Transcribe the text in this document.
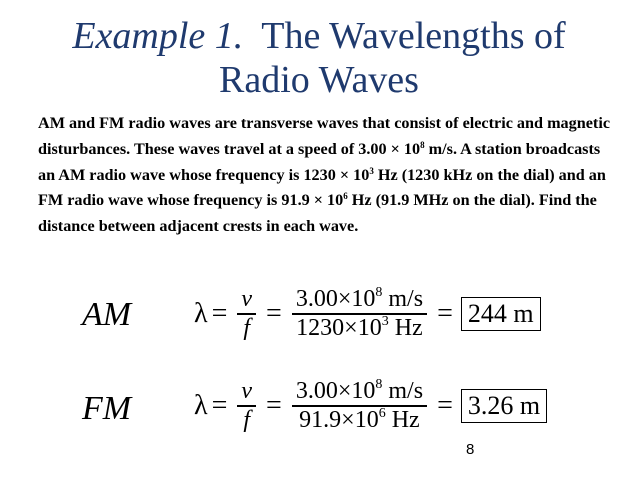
Example 1. The Wavelengths of
Radio Waves
AM and FM radio waves are transverse waves that consist of electric and magnetic disturbances. These waves travel at a speed of $3.00 \times 10^8$ m/s. A station broadcasts an AM radio wave whose frequency is $1230 \times 10^3$ Hz (1230 kHz on the dial) and an FM radio wave whose frequency is $91.9 \times 10^6$ Hz (91.9 MHz on the dial). Find the distance between adjacent crests in each wave.
AM $\lambda = \frac{v}{f} = \frac{3.00\times 10^8 m/s}{1230\times 10^3 Hz} = 244$ m
FM $\lambda = \frac{v}{f} = \frac{3.00\times 10^8 m/s}{91.9\times 10^6 Hz} = 3.26$ m
8
